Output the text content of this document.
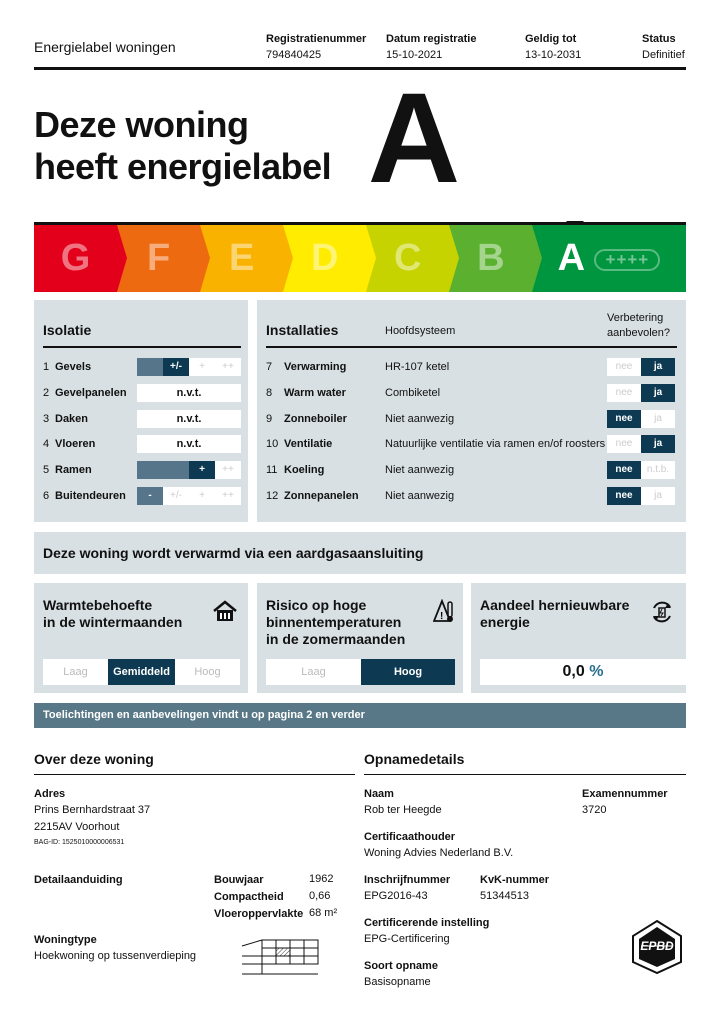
Energielabel woningen	Registratienummer
794840425
Datum registratie
15-10-2021
Geldig tot
13-10-2031
Status
Definitief
Deze woning
heeft energielabel A
G	F	E	D	C	B	A	++++
Isolatie
1 Gevels	+/-	+	++
2 Gevelpanelen	n.v.t.
3 Daken	n.v.t.
4 Vloeren	n.v.t.
5 Ramen	+	++
6 Buitendeuren	-	+/-	+	++
Installaties	Hoofdsysteem
Verbetering
aanbevolen?
7 Verwarming	HR-107 ketel	nee	ja
8 Warm water	Combiketel	nee	ja
9 Zonneboiler	Niet aanwezig	nee	ja
10 Ventilatie	Natuurlijke ventilatie via ramen en/of roosters	nee	ja
11 Koeling	Niet aanwezig	nee	n.t.b.
12 Zonnepanelen Niet aanwezig	nee	ja
Deze woning wordt verwarmd via een aardgasaansluiting
Warmtebehoefte
in de wintermaanden
Laag	Gemiddeld	Hoog
Risico op hoge
binnentemperaturen
in de zomermaanden
!
Laag	Hoog
Aandeel hernieuwbare
energie
0,0 %
Toelichtingen en aanbevelingen vindt u op pagina 2 en verder
Over deze woning
Adres
Prins Bernhardstraat 37
2215AV Voorhout
BAG-ID: 1525010000006531
Detailaanduiding	Bouwjaar	1962
Compactheid 0,66
Vloeroppervlakte 68 m²
Woningtype
Hoekwoning op tussenverdieping
Opnamedetails
Naam
Rob ter Heegde
Examennummer
3720
Certificaathouder
Woning Advies Nederland B.V.
Inschrijfnummer
EPG2016-43
KvK-nummer
51344513
Certificerende instelling
EPG-Certificering
Soort opname
Basisopname
EPBD
